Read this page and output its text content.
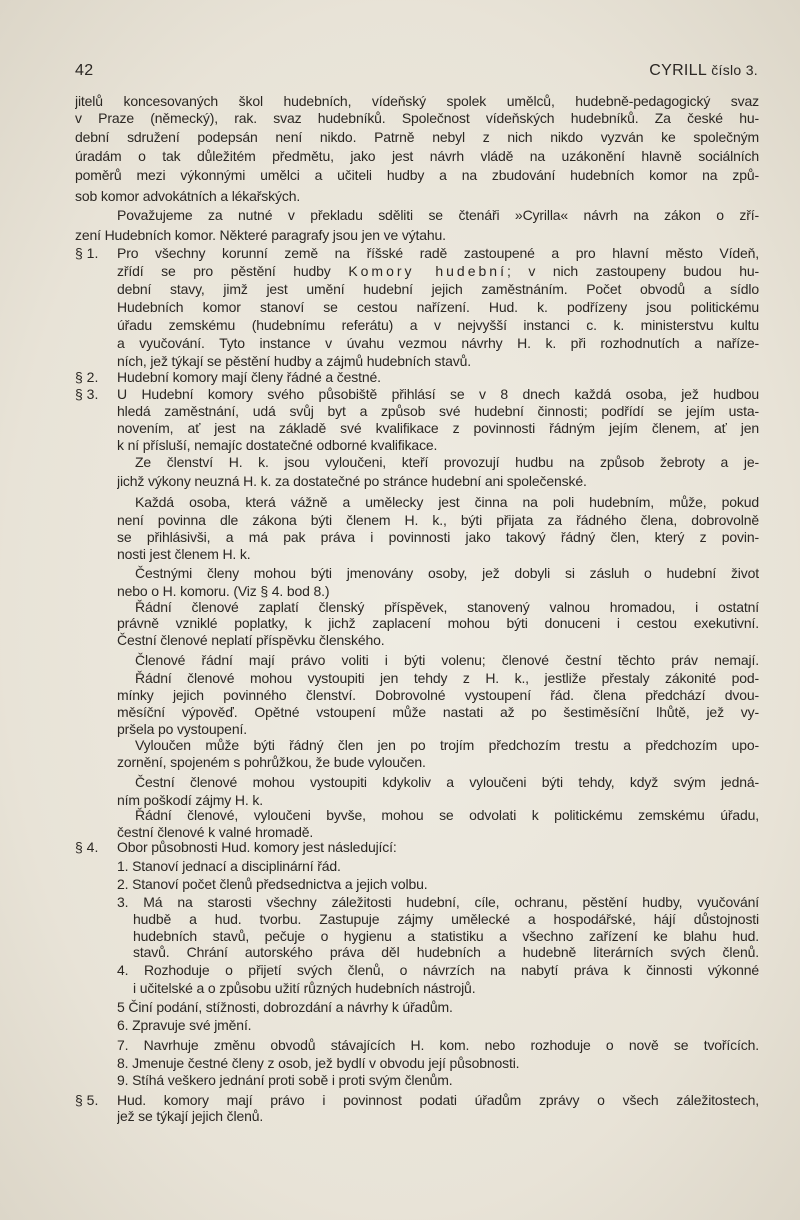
42	CYRILL číslo 3.
jitelů koncesovaných škol hudebních, vídeňský spolek umělců, hudebně-pedagogický svaz
v Praze (německý), rak. svaz hudebníků. Společnost vídeňských hudebníků. Za české hu-
dební sdružení podepsán není nikdo. Patrně nebyl z nich nikdo vyzván ke společným
úradám o tak důležitém předmětu, jako jest návrh vládě na uzákonění hlavně sociálních
poměrů mezi výkonnými umělci a učiteli hudby a na zbudování hudebních komor na způ-
sob komor advokátních a lékařských.
Považujeme za nutné v překladu sděliti se čtenáři »Cyrilla« návrh na zákon o zří-
zení Hudebních komor. Některé paragrafy jsou jen ve výtahu.
Pro všechny korunní země na říšské radě zastoupené a pro hlavní město Vídeň,
§ 1.
zřídí se pro pěstění hudby Komory hudební; v nich zastoupeny budou hu-
dební stavy, jimž jest umění hudební jejich zaměstnáním. Počet obvodů a sídlo
Hudebních komor stanoví se cestou nařízení. Hud. k. podřízeny jsou politickému
úřadu zemskému (hudebnímu referátu) a v nejvyšší instanci c. k. ministerstvu kultu
a vyučování. Tyto instance v úvahu vezmou návrhy H. k. při rozhodnutích a naříze-
ních, jež týkají se pěstění hudby a zájmů hudebních stavů.
Hudební komory mají členy řádné a čestné.
§ 2.
U Hudební komory svého působiště přihlásí se v 8 dnech každá osoba, jež hudbou
§ 3.
hledá zaměstnání, udá svůj byt a způsob své hudební činnosti; podřídí se jejím usta-
novením, ať jest na základě své kvalifikace z povinnosti řádným jejím členem, ať jen
k ní přísluší, nemajíc dostatečné odborné kvalifikace.
Ze členství H. k. jsou vyloučeni, kteří provozují hudbu na způsob žebroty a je-
jichž výkony neuzná H. k. za dostatečné po stránce hudební ani společenské.
Každá osoba, která vážně a umělecky jest činna na poli hudebním, může, pokud
není povinna dle zákona býti členem H. k., býti přijata za řádného člena, dobrovolně
se přihlásivši, a má pak práva i povinnosti jako takový řádný člen, který z povin-
nosti jest členem H. k.
Čestnými členy mohou býti jmenovány osoby, jež dobyli si zásluh o hudební život
nebo o H. komoru. (Viz § 4. bod 8.)
Řádní členové zaplatí členský příspěvek, stanovený valnou hromadou, i ostatní
právně vzniklé poplatky, k jichž zaplacení mohou býti donuceni i cestou exekutivní.
Čestní členové neplatí příspěvku členského.
Členové řádní mají právo voliti i býti volenu; členové čestní těchto práv nemají.
Řádní členové mohou vystoupiti jen tehdy z H. k., jestliže přestaly zákonité pod-
mínky jejich povinného členství. Dobrovolné vystoupení řád. člena předchází dvou-
měsíční výpověď. Opětné vstoupení může nastati až po šestiměsíční lhůtě, jež vy-
pršela po vystoupení.
Vyloučen může býti řádný člen jen po trojím předchozím trestu a předchozím upo-
zornění, spojeném s pohrůžkou, že bude vyloučen.
Čestní členové mohou vystoupiti kdykoliv a vyloučeni býti tehdy, když svým jedná-
ním poškodí zájmy H. k.
Řádní členové, vyloučeni byvše, mohou se odvolati k politickému zemskému úřadu,
čestní členové k valné hromadě.
Obor působnosti Hud. komory jest následující:
§ 4.
1. Stanoví jednací a disciplinární řád.
2. Stanoví počet členů předsednictva a jejich volbu.
3. Má na starosti všechny záležitosti hudební, cíle, ochranu, pěstění hudby, vyučování
hudbě a hud. tvorbu. Zastupuje zájmy umělecké a hospodářské, hájí důstojnosti
hudebních stavů, pečuje o hygienu a statistiku a všechno zařízení ke blahu hud.
stavů. Chrání autorského práva děl hudebních a hudebně literárních svých členů.
4. Rozhoduje o přijetí svých členů, o návrzích na nabytí práva k činnosti výkonné
i učitelské a o způsobu užití různých hudebních nástrojů.
5 Činí podání, stížnosti, dobrozdání a návrhy k úřadům.
6. Zpravuje své jmění.
7. Navrhuje změnu obvodů stávajících H. kom. nebo rozhoduje o nově se tvořících.
8. Jmenuje čestné členy z osob, jež bydlí v obvodu její působnosti.
9. Stíhá veškero jednání proti sobě i proti svým členům.
Hud. komory mají právo i povinnost podati úřadům zprávy o všech záležitostech,
§ 5.
jež se týkají jejich členů.
